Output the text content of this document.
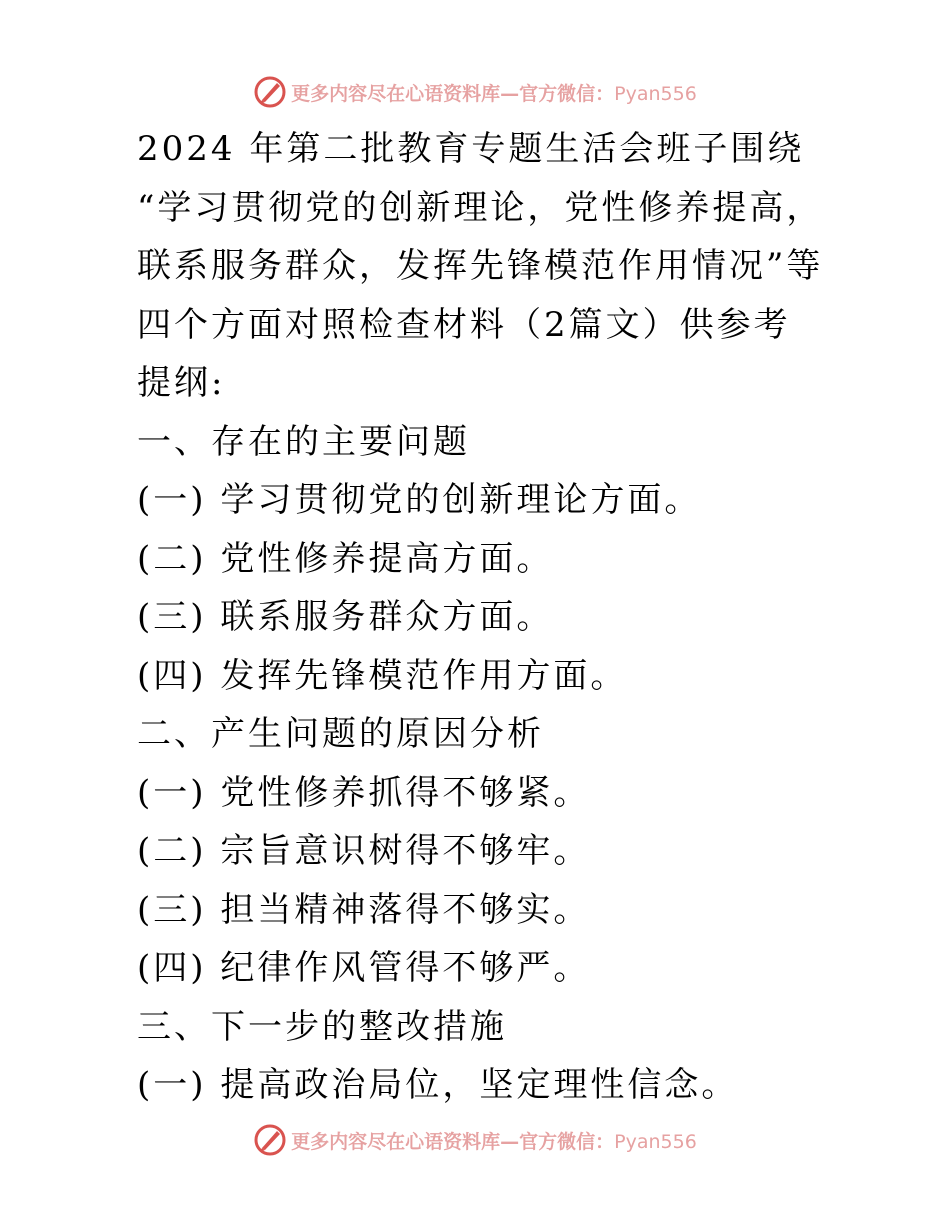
更多内容尽在心语资料库—官方微信：Pyan556
2024 年第二批教育专题生活会班子围绕
“学习贯彻党的创新理论，党性修养提高，
联系服务群众，发挥先锋模范作用情况”等
四个方面对照检查材料（2篇文）供参考
提纲:
一、存在的主要问题
(一) 学习贯彻党的创新理论方面。
(二) 党性修养提高方面。
(三) 联系服务群众方面。
(四) 发挥先锋模范作用方面。
二、产生问题的原因分析
(一) 党性修养抓得不够紧。
(二) 宗旨意识树得不够牢。
(三) 担当精神落得不够实。
(四) 纪律作风管得不够严。
三、下一步的整改措施
(一) 提高政治局位，坚定理性信念。
更多内容尽在心语资料库—官方微信：Pyan556
